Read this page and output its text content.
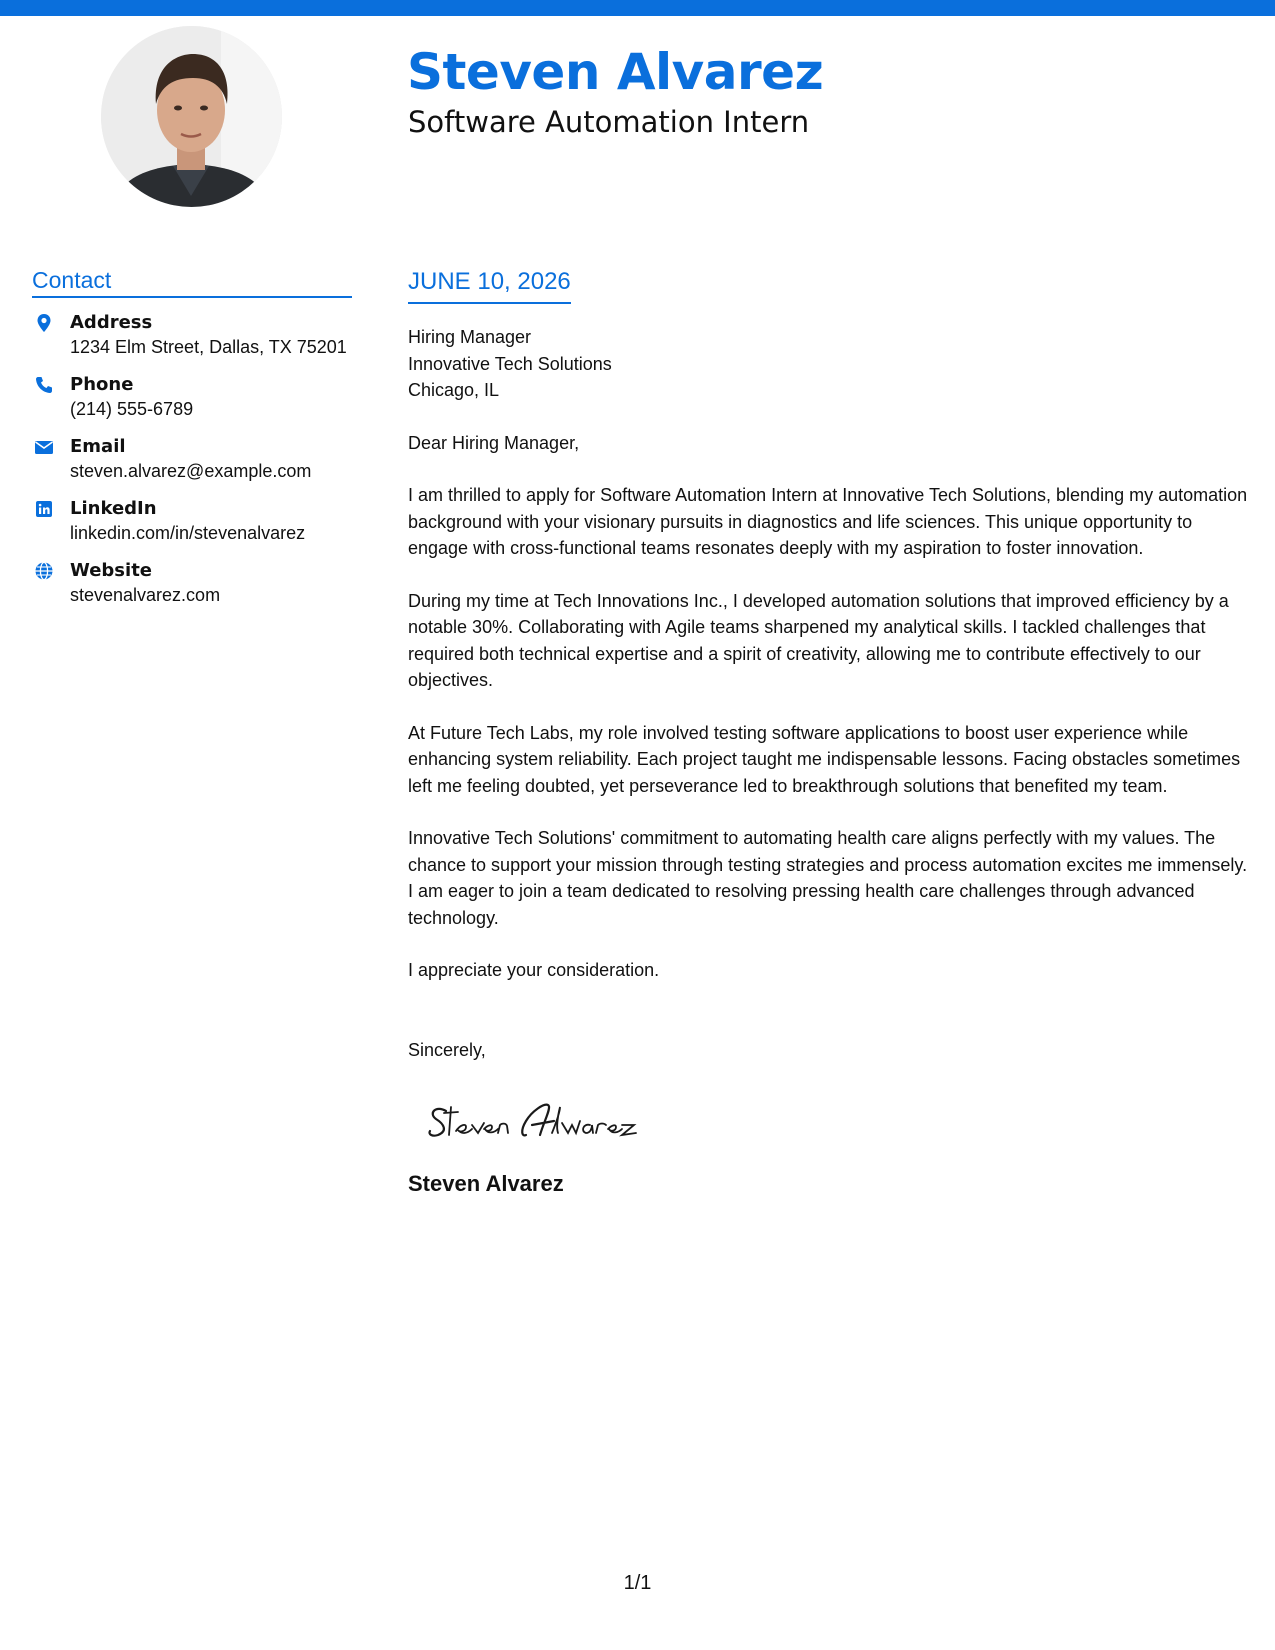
Steven Alvarez
Software Automation Intern
Contact
Address
1234 Elm Street, Dallas, TX 75201
Phone
(214) 555-6789
Email
steven.alvarez@example.com
LinkedIn
linkedin.com/in/stevenalvarez
Website
stevenalvarez.com
JUNE 10, 2026
Hiring Manager
Innovative Tech Solutions
Chicago, IL
Dear Hiring Manager,
I am thrilled to apply for Software Automation Intern at Innovative Tech Solutions, blending my automation background with your visionary pursuits in diagnostics and life sciences. This unique opportunity to engage with cross-functional teams resonates deeply with my aspiration to foster innovation.
During my time at Tech Innovations Inc., I developed automation solutions that improved efficiency by a notable 30%. Collaborating with Agile teams sharpened my analytical skills. I tackled challenges that required both technical expertise and a spirit of creativity, allowing me to contribute effectively to our objectives.
At Future Tech Labs, my role involved testing software applications to boost user experience while enhancing system reliability. Each project taught me indispensable lessons. Facing obstacles sometimes left me feeling doubted, yet perseverance led to breakthrough solutions that benefited my team.
Innovative Tech Solutions' commitment to automating health care aligns perfectly with my values. The chance to support your mission through testing strategies and process automation excites me immensely. I am eager to join a team dedicated to resolving pressing health care challenges through advanced technology.
I appreciate your consideration.
Sincerely,
Steven Alvarez
1/1
